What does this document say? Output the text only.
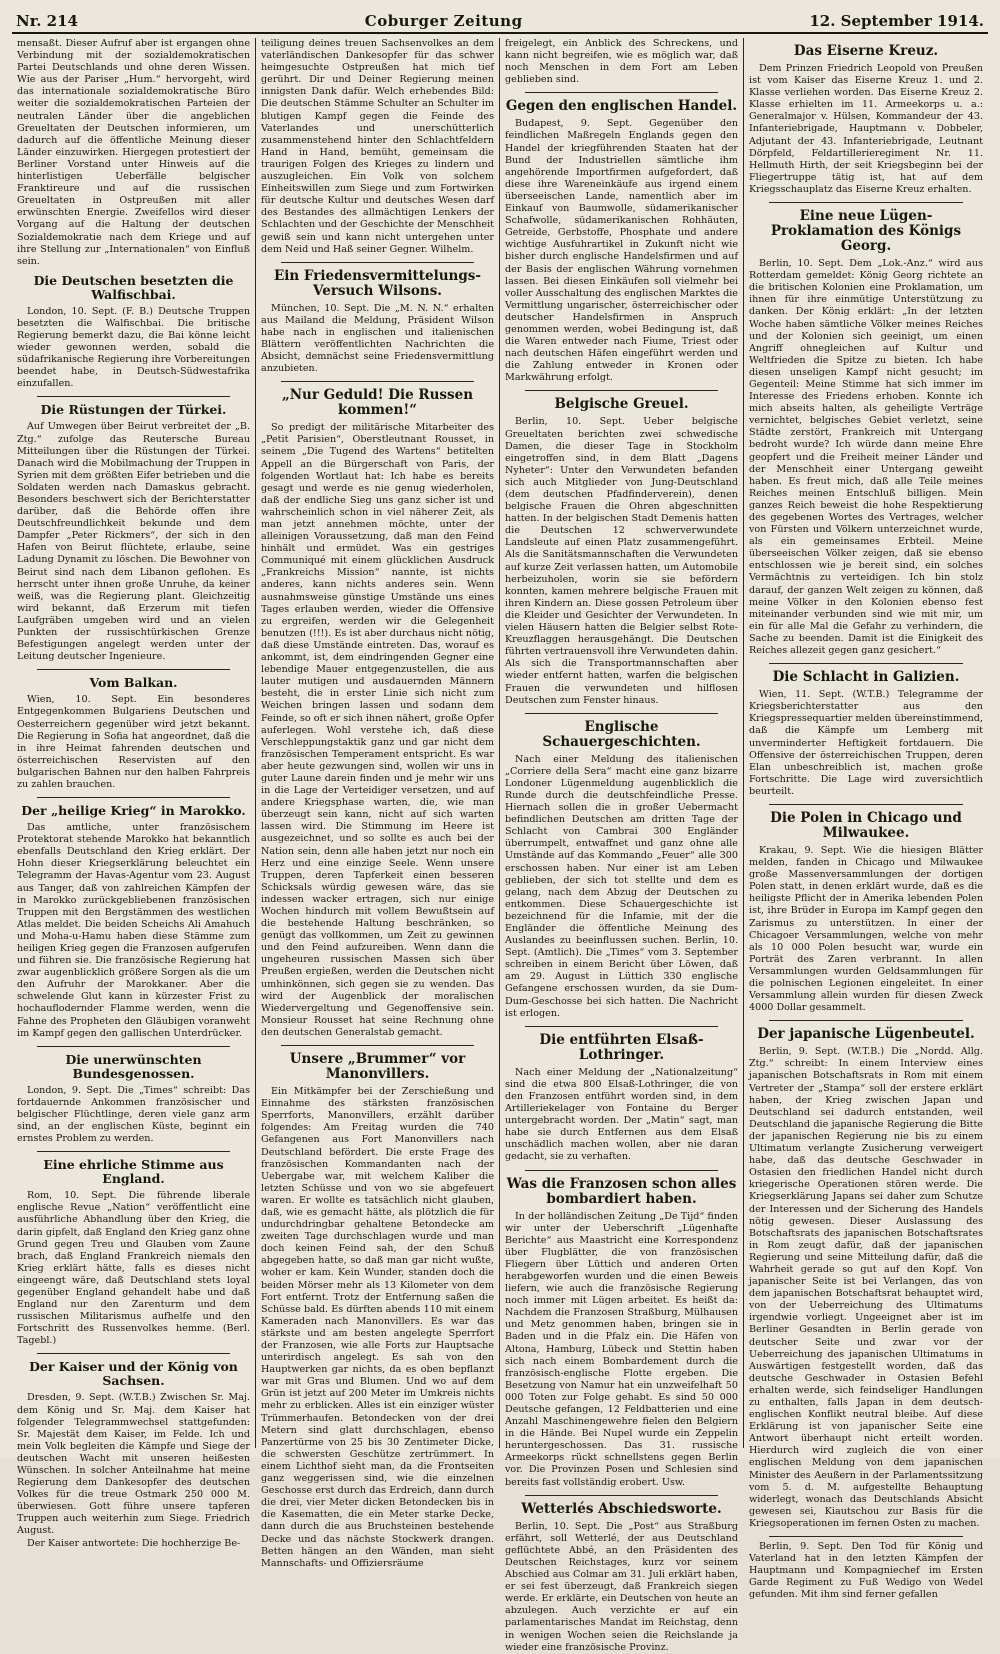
Nr. 214	Coburger Zeitung	12. September 1914.

mensaßt. Dieser Aufruf aber ist ergangen ohne Verbindung mit der sozialdemokratischen Partei Deutschlands und ohne deren Wissen. Wie aus der Pariser „Hum.“ hervorgeht, wird das internationale sozialdemokratische Büro weiter die sozialdemokratischen Parteien der neutralen Länder über die angeblichen Greueltaten der Deutschen informieren, um dadurch auf die öffentliche Meinung dieser Länder einzuwirken. Hiergegen protestiert der Berliner Vorstand unter Hinweis auf die hinterlistigen Ueberfälle belgischer Franktireure und auf die russischen Greueltaten in Ostpreußen mit aller erwünschten Energie. Zweifellos wird dieser Vorgang auf die Haltung der deutschen Sozialdemokratie nach dem Kriege und auf ihre Stellung zur „Internationalen“ von Einfluß sein.

Die Deutschen besetzten die Walfischbai.

London, 10. Sept. (F. B.) Deutsche Truppen besetzten die Walfischbai. Die britische Regierung bemerkt dazu, die Bai könne leicht wieder gewonnen werden, sobald die südafrikanische Regierung ihre Vorbereitungen beendet habe, in Deutsch-Südwestafrika einzufallen.

Die Rüstungen der Türkei.

Auf Umwegen über Beirut verbreitet der „B. Ztg.“ zufolge das Reutersche Bureau Mitteilungen über die Rüstungen der Türkei. Danach wird die Mobilmachung der Truppen in Syrien mit dem größten Eifer betrieben und die Soldaten werden nach Damaskus gebracht. Besonders beschwert sich der Berichterstatter darüber, daß die Behörde offen ihre Deutschfreundlichkeit bekunde und dem Dampfer „Peter Rickmers“, der sich in den Hafen von Beirut flüchtete, erlaube, seine Ladung Dynamit zu löschen. Die Bewohner von Beirut sind nach dem Libanon geflohen. Es herrscht unter ihnen große Unruhe, da keiner weiß, was die Regierung plant. Gleichzeitig wird bekannt, daß Erzerum mit tiefen Laufgräben umgeben wird und an vielen Punkten der russischtürkischen Grenze Befestigungen angelegt werden unter der Leitung deutscher Ingenieure.

Vom Balkan.

Wien, 10. Sept. Ein besonderes Entgegenkommen Bulgariens Deutschen und Oesterreichern gegenüber wird jetzt bekannt. Die Regierung in Sofia hat angeordnet, daß die in ihre Heimat fahrenden deutschen und österreichischen Reservisten auf den bulgarischen Bahnen nur den halben Fahrpreis zu zahlen brauchen.

Der „heilige Krieg“ in Marokko.

Das amtliche, unter französischem Protektorat stehende Marokko hat bekanntlich ebenfalls Deutschland den Krieg erklärt. Der Hohn dieser Kriegserklärung beleuchtet ein Telegramm der Havas-Agentur vom 23. August aus Tanger, daß von zahlreichen Kämpfen der in Marokko zurückgebliebenen französischen Truppen mit den Bergstämmen des westlichen Atlas meldet. Die beiden Scheichs Ali Amahuch und Moha-u-Hamu haben diese Stämme zum heiligen Krieg gegen die Franzosen aufgerufen und führen sie. Die französische Regierung hat zwar augenblicklich größere Sorgen als die um den Aufruhr der Marokkaner. Aber die schwelende Glut kann in kürzester Frist zu hochauflodernder Flamme werden, wenn die Fahne des Propheten den Gläubigen voranweht im Kampf gegen den gallischen Unterdrücker.

Die unerwünschten Bundesgenossen.

London, 9. Sept. Die „Times“ schreibt: Das fortdauernde Ankommen französischer und belgischer Flüchtlinge, deren viele ganz arm sind, an der englischen Küste, beginnt ein ernstes Problem zu werden.

Eine ehrliche Stimme aus England.

Rom, 10. Sept. Die führende liberale englische Revue „Nation“ veröffentlicht eine ausführliche Abhandlung über den Krieg, die darin gipfelt, daß England den Krieg ganz ohne Grund gegen Treu und Glauben vom Zaune brach, daß England Frankreich niemals den Krieg erklärt hätte, falls es dieses nicht eingeengt wäre, daß Deutschland stets loyal gegenüber England gehandelt habe und daß England nur den Zarenturm und dem russischen Militarismus aufhelfe und den Fortschritt des Russenvolkes hemme. (Berl. Tagebl.)

Der Kaiser und der König von Sachsen.

Dresden, 9. Sept. (W.T.B.) Zwischen Sr. Maj. dem König und Sr. Maj. dem Kaiser hat folgender Telegrammwechsel stattgefunden: Sr. Majestät dem Kaiser, im Felde. Ich und mein Volk begleiten die Kämpfe und Siege der deutschen Wacht mit unseren heißesten Wünschen. In solcher Anteilnahme hat meine Regierung dem Dankesopfer des deutschen Volkes für die treue Ostmark 250 000 M. überwiesen. Gott führe unsere tapferen Truppen auch weiterhin zum Siege. Friedrich August.

Der Kaiser antwortete: Die hochherzige Be-

teiligung deines treuen Sachsenvolkes an dem vaterländischen Dankesopfer für das schwer heimgesuchte Ostpreußen hat mich tief gerührt. Dir und Deiner Regierung meinen innigsten Dank dafür. Welch erhebendes Bild: Die deutschen Stämme Schulter an Schulter im blutigen Kampf gegen die Feinde des Vaterlandes und unerschütterlich zusammenstehend hinter den Schlachtfeldern Hand in Hand, bemüht, gemeinsam die traurigen Folgen des Krieges zu lindern und auszugleichen. Ein Volk von solchem Einheitswillen zum Siege und zum Fortwirken für deutsche Kultur und deutsches Wesen darf des Bestandes des allmächtigen Lenkers der Schlachten und der Geschichte der Menschheit gewiß sein und kann nicht untergehen unter dem Neid und Haß seiner Gegner. Wilhelm.

Ein Friedensvermittelungs-Versuch Wilsons.

München, 10. Sept. Die „M. N. N.“ erhalten aus Mailand die Meldung, Präsident Wilson habe nach in englischen und italienischen Blättern veröffentlichten Nachrichten die Absicht, demnächst seine Friedensvermittlung anzubieten.

„Nur Geduld! Die Russen kommen!“

So predigt der militärische Mitarbeiter des „Petit Parisien“, Oberstleutnant Rousset, in seinem „Die Tugend des Wartens“ betitelten Appell an die Bürgerschaft von Paris, der folgenden Wortlaut hat: Ich habe es bereits gesagt und werde es nie genug wiederholen, daß der endliche Sieg uns ganz sicher ist und wahrscheinlich schon in viel näherer Zeit, als man jetzt annehmen möchte, unter der alleinigen Voraussetzung, daß man den Feind hinhält und ermüdet. Was ein gestriges Communiqué mit einem glücklichen Ausdruck „Frankreichs Mission“ nannte, ist nichts anderes, kann nichts anderes sein. Wenn ausnahmsweise günstige Umstände uns eines Tages erlauben werden, wieder die Offensive zu ergreifen, werden wir die Gelegenheit benutzen (!!!). Es ist aber durchaus nicht nötig, daß diese Umstände eintreten. Das, worauf es ankommt, ist, dem eindringenden Gegner eine lebendige Mauer entgegenzustellen, die aus lauter mutigen und ausdauernden Männern besteht, die in erster Linie sich nicht zum Weichen bringen lassen und sodann dem Feinde, so oft er sich ihnen nähert, große Opfer auferlegen. Wohl verstehe ich, daß diese Verschleppungstaktik ganz und gar nicht dem französischen Temperament entspricht. Es war aber heute gezwungen sind, wollen wir uns in guter Laune darein finden und je mehr wir uns in die Lage der Verteidiger versetzen, und auf andere Kriegsphase warten, die, wie man überzeugt sein kann, nicht auf sich warten lassen wird. Die Stimmung im Heere ist ausgezeichnet, und so sollte es auch bei der Nation sein, denn alle haben jetzt nur noch ein Herz und eine einzige Seele. Wenn unsere Truppen, deren Tapferkeit einen besseren Schicksals würdig gewesen wäre, das sie indessen wacker ertragen, sich nur einige Wochen hindurch mit vollem Bewußtsein auf die bestehende Haltung beschränken, so genügt das vollkommen, um Zeit zu gewinnen und den Feind aufzureiben. Wenn dann die ungeheuren russischen Massen sich über Preußen ergießen, werden die Deutschen nicht umhinkönnen, sich gegen sie zu wenden. Das wird der Augenblick der moralischen Wiedervergeltung und Gegenoffensive sein. Monsieur Rousset hat seine Rechnung ohne den deutschen Generalstab gemacht.

Unsere „Brummer“ vor Manonvillers.

Ein Mitkämpfer bei der Zerschießung und Einnahme des stärksten französischen Sperrforts, Manonvillers, erzählt darüber folgendes: Am Freitag wurden die 740 Gefangenen aus Fort Manonvillers nach Deutschland befördert. Die erste Frage des französischen Kommandanten nach der Uebergabe war, mit welchem Kaliber die letzten Schüsse und von wo sie abgefeuert waren. Er wollte es tatsächlich nicht glauben, daß, wie es gemacht hätte, als plötzlich die für undurchdringbar gehaltene Betondecke am zweiten Tage durchschlagen wurde und man doch keinen Feind sah, der den Schuß abgegeben hatte, so daß man gar nicht wußte, woher er kam. Kein Wunder, standen doch die beiden Mörser mehr als 13 Kilometer von dem Fort entfernt. Trotz der Entfernung saßen die Schüsse bald. Es dürften abends 110 mit einem Kameraden nach Manonvillers. Es war das stärkste und am besten angelegte Sperrfort der Franzosen, wie alle Forts zur Hauptsache unterirdisch angelegt. Es sah von den Hauptwerken gar nichts, da es oben bepflanzt war mit Gras und Blumen. Und wo auf dem Grün ist jetzt auf 200 Meter im Umkreis nichts mehr zu erblicken. Alles ist ein einziger wüster Trümmerhaufen. Betondecken von der drei Metern sind glatt durchschlagen, ebenso Panzertürme von 25 bis 30 Zentimeter Dicke, die schwersten Geschütze zertrümmert. In einem Lichthof sieht man, da die Frontseiten ganz weggerissen sind, wie die einzelnen Geschosse erst durch das Erdreich, dann durch die drei, vier Meter dicken Betondecken bis in die Kasematten, die ein Meter starke Decke, dann durch die aus Bruchsteinen bestehende Decke und das nächste Stockwerk drangen. Betten hängen an den Wänden, man sieht Mannschafts- und Offiziersräume

freigelegt, ein Anblick des Schreckens, und kann nicht begreifen, wie es möglich war, daß noch Menschen in dem Fort am Leben geblieben sind.

Gegen den englischen Handel.

Budapest, 9. Sept. Gegenüber den feindlichen Maßregeln Englands gegen den Handel der kriegführenden Staaten hat der Bund der Industriellen sämtliche ihm angehörende Importfirmen aufgefordert, daß diese ihre Wareneinkäufe aus irgend einem überseeischen Lande, namentlich aber im Einkauf von Baumwolle, südamerikanischer Schafwolle, südamerikanischen Rohhäuten, Getreide, Gerbstoffe, Phosphate und andere wichtige Ausfuhrartikel in Zukunft nicht wie bisher durch englische Handelsfirmen und auf der Basis der englischen Währung vornehmen lassen. Bei diesen Einkäufen soll vielmehr bei voller Ausschaltung des englischen Marktes die Vermittlung ungarischer, österreichischer oder deutscher Handelsfirmen in Anspruch genommen werden, wobei Bedingung ist, daß die Waren entweder nach Fiume, Triest oder nach deutschen Häfen eingeführt werden und die Zahlung entweder in Kronen oder Markwährung erfolgt.

Belgische Greuel.

Berlin, 10. Sept. Ueber belgische Greueltaten berichten zwei schwedische Damen, die dieser Tage in Stockholm eingetroffen sind, in dem Blatt „Dagens Nyheter“: Unter den Verwundeten befanden sich auch Mitglieder von Jung-Deutschland (dem deutschen Pfadfinderverein), denen belgische Frauen die Ohren abgeschnitten hatten. In der belgischen Stadt Demenis hatten die Deutschen 12 schwerverwundete Landsleute auf einen Platz zusammengeführt. Als die Sanitätsmannschaften die Verwundeten auf kurze Zeit verlassen hatten, um Automobile herbeizuholen, worin sie sie befördern konnten, kamen mehrere belgische Frauen mit ihren Kindern an. Diese gossen Petroleum über die Kleider und Gesichter der Verwundeten. In vielen Häusern hatten die Belgier selbst Rote-Kreuzflaggen herausgehängt. Die Deutschen führten vertrauensvoll ihre Verwundeten dahin. Als sich die Transportmannschaften aber wieder entfernt hatten, warfen die belgischen Frauen die verwundeten und hilflosen Deutschen zum Fenster hinaus.

Englische Schauergeschichten.

Nach einer Meldung des italienischen „Corriere della Sera“ macht eine ganz bizarre Londoner Lügenmeldung augenblicklich die Runde durch die deutschfeindliche Presse. Hiernach sollen die in großer Uebermacht befindlichen Deutschen am dritten Tage der Schlacht von Cambrai 300 Engländer überrumpelt, entwaffnet und ganz ohne alle Umstände auf das Kommando „Feuer“ alle 300 erschossen haben. Nur einer ist am Leben geblieben, der sich tot stellte und dem es gelang, nach dem Abzug der Deutschen zu entkommen. Diese Schauergeschichte ist bezeichnend für die Infamie, mit der die Engländer die öffentliche Meinung des Auslandes zu beeinflussen suchen. Berlin, 10. Sept. (Amtlich). Die „Times“ vom 3. September schreiben in einem Bericht über Löwen, daß am 29. August in Lüttich 330 englische Gefangene erschossen wurden, da sie Dum-Dum-Geschosse bei sich hatten. Die Nachricht ist erlogen.

Die entführten Elsaß-Lothringer.

Nach einer Meldung der „Nationalzeitung“ sind die etwa 800 Elsaß-Lothringer, die von den Franzosen entführt worden sind, in dem Artilleriekelager von Fontaine du Berger untergebracht worden. Der „Matin“ sagt, man habe sie durch Entfernen aus dem Elsaß unschädlich machen wollen, aber nie daran gedacht, sie zu verhaften.

Was die Franzosen schon alles bombardiert haben.

In der holländischen Zeitung „De Tijd“ finden wir unter der Ueberschrift „Lügenhafte Berichte“ aus Maastricht eine Korrespondenz über Flugblätter, die von französischen Fliegern über Lüttich und anderen Orten herabgeworfen wurden und die einen Beweis liefern, wie auch die französische Regierung noch immer mit Lügen arbeitet. Es heißt da: Nachdem die Franzosen Straßburg, Mülhausen und Metz genommen haben, bringen sie in Baden und in die Pfalz ein. Die Häfen von Altona, Hamburg, Lübeck und Stettin haben sich nach einem Bombardement durch die französisch-englische Flotte ergeben. Die Besetzung von Namur hat ein unzweifelhaft 50 000 Toten zur Folge gehabt. Es sind 50 000 Deutsche gefangen, 12 Feldbatterien und eine Anzahl Maschinengewehre fielen den Belgiern in die Hände. Bei Nupel wurde ein Zeppelin heruntergeschossen. Das 31. russische Armeekorps rückt schnellstens gegen Berlin vor. Die Provinzen Posen und Schlesien sind bereits fast vollständig erobert. Usw.

Wetterlés Abschiedsworte.

Berlin, 10. Sept. Die „Post“ aus Straßburg erfährt, soll Wetterlé, der aus Deutschland geflüchtete Abbé, an den Präsidenten des Deutschen Reichstages, kurz vor seinem Abschied aus Colmar am 31. Juli erklärt haben, er sei fest überzeugt, daß Frankreich siegen werde. Er erklärte, ein Deutschen von heute an abzulegen. Auch verzichte er auf ein parlamentarisches Mandat im Reichstag, denn in wenigen Wochen seien die Reichslande ja wieder eine französische Provinz.

Das Eiserne Kreuz.

Dem Prinzen Friedrich Leopold von Preußen ist vom Kaiser das Eiserne Kreuz 1. und 2. Klasse verliehen worden. Das Eiserne Kreuz 2. Klasse erhielten im 11. Armeekorps u. a.: Generalmajor v. Hülsen, Kommandeur der 43. Infanteriebrigade, Hauptmann v. Dobbeler, Adjutant der 43. Infanteriebrigade, Leutnant Dörpfeld, Feldartillerieregiment Nr. 11. Hellmuth Hirth, der seit Kriegsbeginn bei der Fliegertruppe tätig ist, hat auf dem Kriegsschauplatz das Eiserne Kreuz erhalten.

Eine neue Lügen-Proklamation des Königs Georg.

Berlin, 10. Sept. Dem „Lok.-Anz.“ wird aus Rotterdam gemeldet: König Georg richtete an die britischen Kolonien eine Proklamation, um ihnen für ihre einmütige Unterstützung zu danken. Der König erklärt: „In der letzten Woche haben sämtliche Völker meines Reiches und der Kolonien sich geeinigt, um einen Angriff ohnegleichen auf Kultur und Weltfrieden die Spitze zu bieten. Ich habe diesen unseligen Kampf nicht gesucht; im Gegenteil: Meine Stimme hat sich immer im Interesse des Friedens erhoben. Konnte ich mich abseits halten, als geheiligte Verträge vernichtet, belgisches Gebiet verletzt, seine Städte zerstört, Frankreich mit Untergang bedroht wurde? Ich würde dann meine Ehre geopfert und die Freiheit meiner Länder und der Menschheit einer Untergang geweiht haben. Es freut mich, daß alle Teile meines Reiches meinen Entschluß billigen. Mein ganzes Reich beweist die hohe Respektierung des gegebenen Wortes des Vertrages, welcher von Fürsten und Völkern unterzeichnet wurde, als ein gemeinsames Erbteil. Meine überseeischen Völker zeigen, daß sie ebenso entschlossen wie je bereit sind, ein solches Vermächtnis zu verteidigen. Ich bin stolz darauf, der ganzen Welt zeigen zu können, daß meine Völker in den Kolonien ebenso fest miteinander verbunden sind wie mit mir, um ein für alle Mal die Gefahr zu verhindern, die Sache zu beenden. Damit ist die Einigkeit des Reiches allezeit gegen ganz gesichert.“

Die Schlacht in Galizien.

Wien, 11. Sept. (W.T.B.) Telegramme der Kriegsberichterstatter aus den Kriegspressequartier melden übereinstimmend, daß die Kämpfe um Lemberg mit unverminderter Heftigkeit fortdauern. Die Offensive der österreichischen Truppen, deren Elan unbeschreiblich ist, machen große Fortschritte. Die Lage wird zuversichtlich beurteilt.

Die Polen in Chicago und Milwaukee.

Krakau, 9. Sept. Wie die hiesigen Blätter melden, fanden in Chicago und Milwaukee große Massenversammlungen der dortigen Polen statt, in denen erklärt wurde, daß es die heiligste Pflicht der in Amerika lebenden Polen ist, ihre Brüder in Europa im Kampf gegen den Zarismus zu unterstützen. In einer der Chicagoer Versammlungen, welche von mehr als 10 000 Polen besucht war, wurde ein Porträt des Zaren verbrannt. In allen Versammlungen wurden Geldsammlungen für die polnischen Legionen eingeleitet. In einer Versammlung allein wurden für diesen Zweck 4000 Dollar gesammelt.

Der japanische Lügenbeutel.

Berlin, 9. Sept. (W.T.B.) Die „Nordd. Allg. Ztg.“ schreibt: In einem Interview eines japanischen Botschaftsrats in Rom mit einem Vertreter der „Stampa“ soll der erstere erklärt haben, der Krieg zwischen Japan und Deutschland sei dadurch entstanden, weil Deutschland die japanische Regierung die Bitte der japanischen Regierung nie bis zu einem Ultimatum verlangte Zusicherung verweigert habe, daß das deutsche Geschwader in Ostasien den friedlichen Handel nicht durch kriegerische Operationen stören werde. Die Kriegserklärung Japans sei daher zum Schutze der Interessen und der Sicherung des Handels nötig gewesen. Dieser Auslassung des Botschaftsrats des japanischen Botschaftsrates in Rom zeugt dafür, daß der japanischen Regierung und seine Mitteilung dafür, daß die Wahrheit gerade so gut auf den Kopf. Von japanischer Seite ist bei Verlangen, das von dem japanischen Botschaftsrat behauptet wird, von der Ueberreichung des Ultimatums irgendwie vorliegt. Ungeeignet aber ist im Berliner Gesandten in Berlin gerade von deutscher Seite und zwar vor der Ueberreichung des japanischen Ultimatums in Auswärtigen festgestellt worden, daß das deutsche Geschwader in Ostasien Befehl erhalten werde, sich feindseliger Handlungen zu enthalten, falls Japan in dem deutsch-englischen Konflikt neutral bleibe. Auf diese Erklärung ist von japanischer Seite eine Antwort überhaupt nicht erteilt worden. Hierdurch wird zugleich die von einer englischen Meldung von dem japanischen Minister des Aeußern in der Parlamentssitzung vom 5. d. M. aufgestellte Behauptung widerlegt, wonach das Deutschlands Absicht gewesen sei, Kiautschou zur Basis für die Kriegsoperationen im fernen Osten zu machen.

Berlin, 9. Sept. Den Tod für König und Vaterland hat in den letzten Kämpfen der Hauptmann und Kompagniechef im Ersten Garde Regiment zu Fuß Wedigo von Wedel gefunden. Mit ihm sind ferner gefallen
